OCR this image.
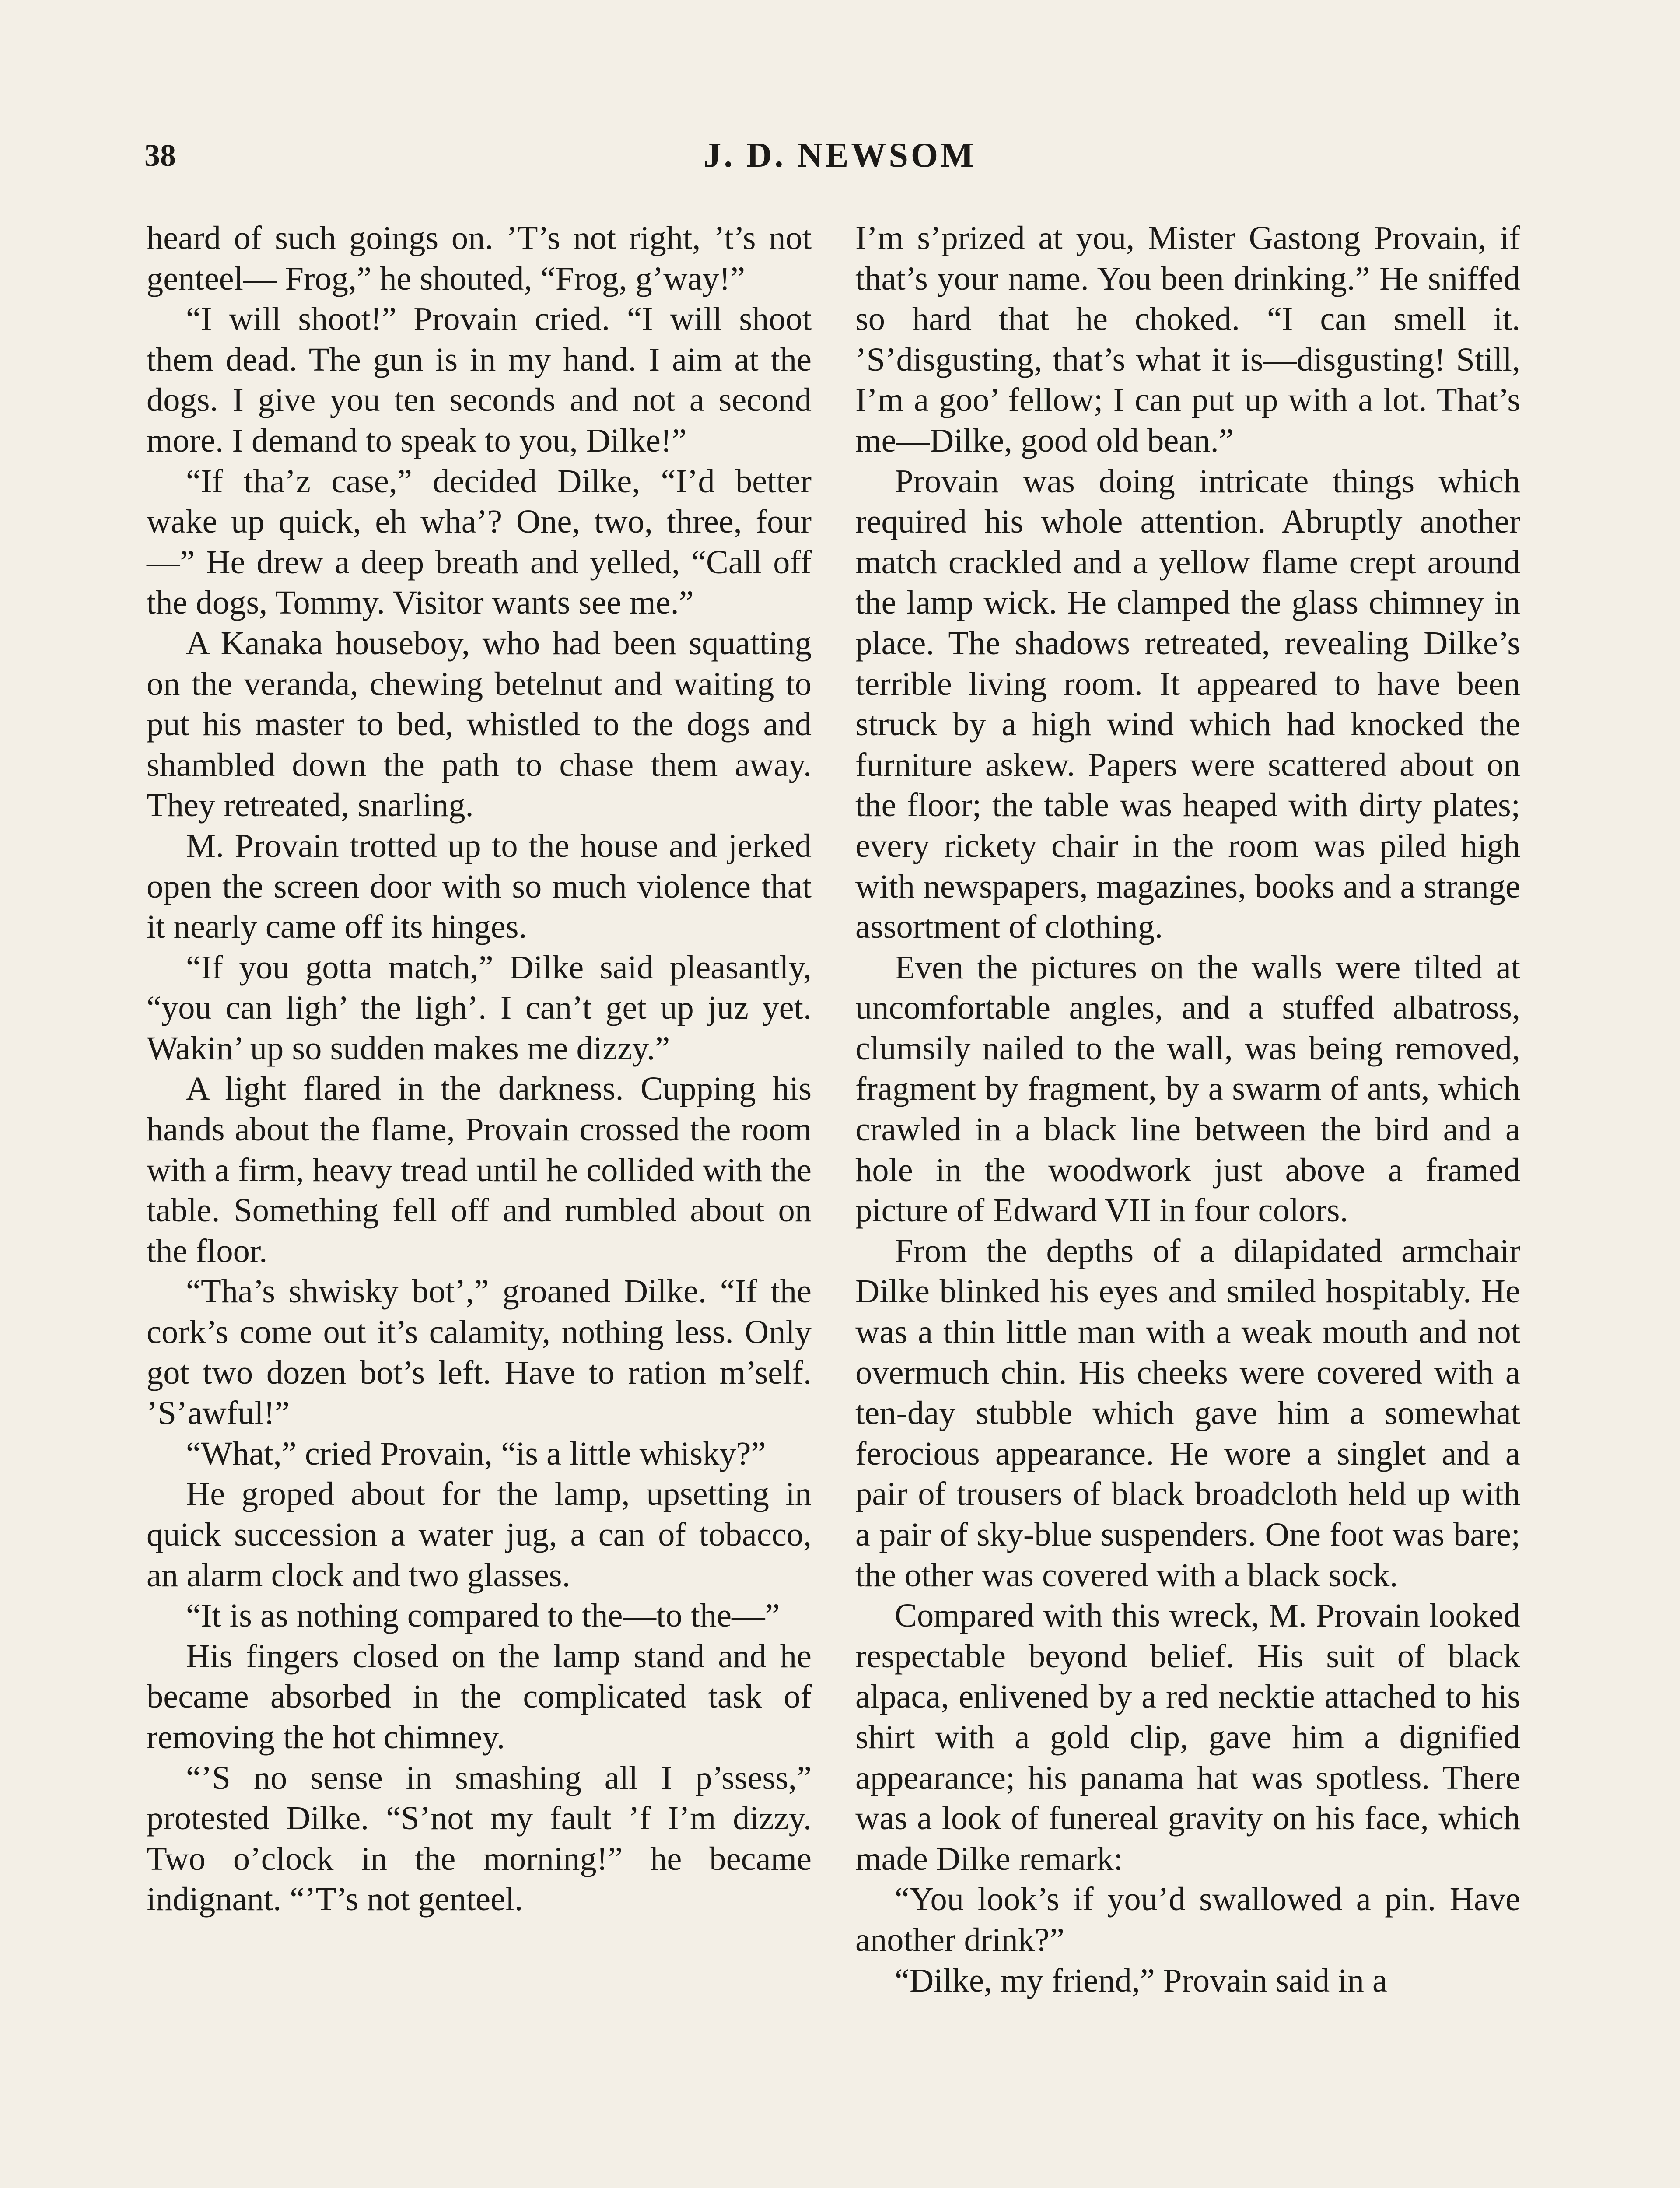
38	J. D. NEWSOM

heard of such goings on. ’T’s not right, ’t’s not genteel— Frog,” he shouted, “Frog, g’way!”

“I will shoot!” Provain cried. “I will shoot them dead. The gun is in my hand. I aim at the dogs. I give you ten seconds and not a second more. I demand to speak to you, Dilke!”

“If tha’z case,” decided Dilke, “I’d better wake up quick, eh wha’? One, two, three, four—” He drew a deep breath and yelled, “Call off the dogs, Tommy. Visitor wants see me.”

A Kanaka houseboy, who had been squatting on the veranda, chewing betelnut and waiting to put his master to bed, whistled to the dogs and shambled down the path to chase them away. They retreated, snarling.

M. Provain trotted up to the house and jerked open the screen door with so much violence that it nearly came off its hinges.

“If you gotta match,” Dilke said pleasantly, “you can ligh’ the ligh’. I can’t get up juz yet. Wakin’ up so sudden makes me dizzy.”

A light flared in the darkness. Cupping his hands about the flame, Provain crossed the room with a firm, heavy tread until he collided with the table. Something fell off and rumbled about on the floor.

“Tha’s shwisky bot’,” groaned Dilke. “If the cork’s come out it’s calamity, nothing less. Only got two dozen bot’s left. Have to ration m’self. ’S’awful!”

“What,” cried Provain, “is a little whisky?”

He groped about for the lamp, upsetting in quick succession a water jug, a can of tobacco, an alarm clock and two glasses.

“It is as nothing compared to the—to the—”

His fingers closed on the lamp stand and he became absorbed in the complicated task of removing the hot chimney.

“’S no sense in smashing all I p’ssess,” protested Dilke. “S’not my fault ’f I’m dizzy. Two o’clock in the morning!” he became indignant. “’T’s not genteel.

I’m s’prized at you, Mister Gastong Provain, if that’s your name. You been drinking.” He sniffed so hard that he choked. “I can smell it. ’S’disgusting, that’s what it is—disgusting! Still, I’m a goo’ fellow; I can put up with a lot. That’s me—Dilke, good old bean.”

Provain was doing intricate things which required his whole attention. Abruptly another match crackled and a yellow flame crept around the lamp wick. He clamped the glass chimney in place. The shadows retreated, revealing Dilke’s terrible living room. It appeared to have been struck by a high wind which had knocked the furniture askew. Papers were scattered about on the floor; the table was heaped with dirty plates; every rickety chair in the room was piled high with newspapers, magazines, books and a strange assortment of clothing.

Even the pictures on the walls were tilted at uncomfortable angles, and a stuffed albatross, clumsily nailed to the wall, was being removed, fragment by fragment, by a swarm of ants, which crawled in a black line between the bird and a hole in the woodwork just above a framed picture of Edward VII in four colors.

From the depths of a dilapidated armchair Dilke blinked his eyes and smiled hospitably. He was a thin little man with a weak mouth and not overmuch chin. His cheeks were covered with a ten-day stubble which gave him a somewhat ferocious appearance. He wore a singlet and a pair of trousers of black broadcloth held up with a pair of sky-blue suspenders. One foot was bare; the other was covered with a black sock.

Compared with this wreck, M. Provain looked respectable beyond belief. His suit of black alpaca, enlivened by a red necktie attached to his shirt with a gold clip, gave him a dignified appearance; his panama hat was spotless. There was a look of funereal gravity on his face, which made Dilke remark:

“You look’s if you’d swallowed a pin. Have another drink?”

“Dilke, my friend,” Provain said in a
